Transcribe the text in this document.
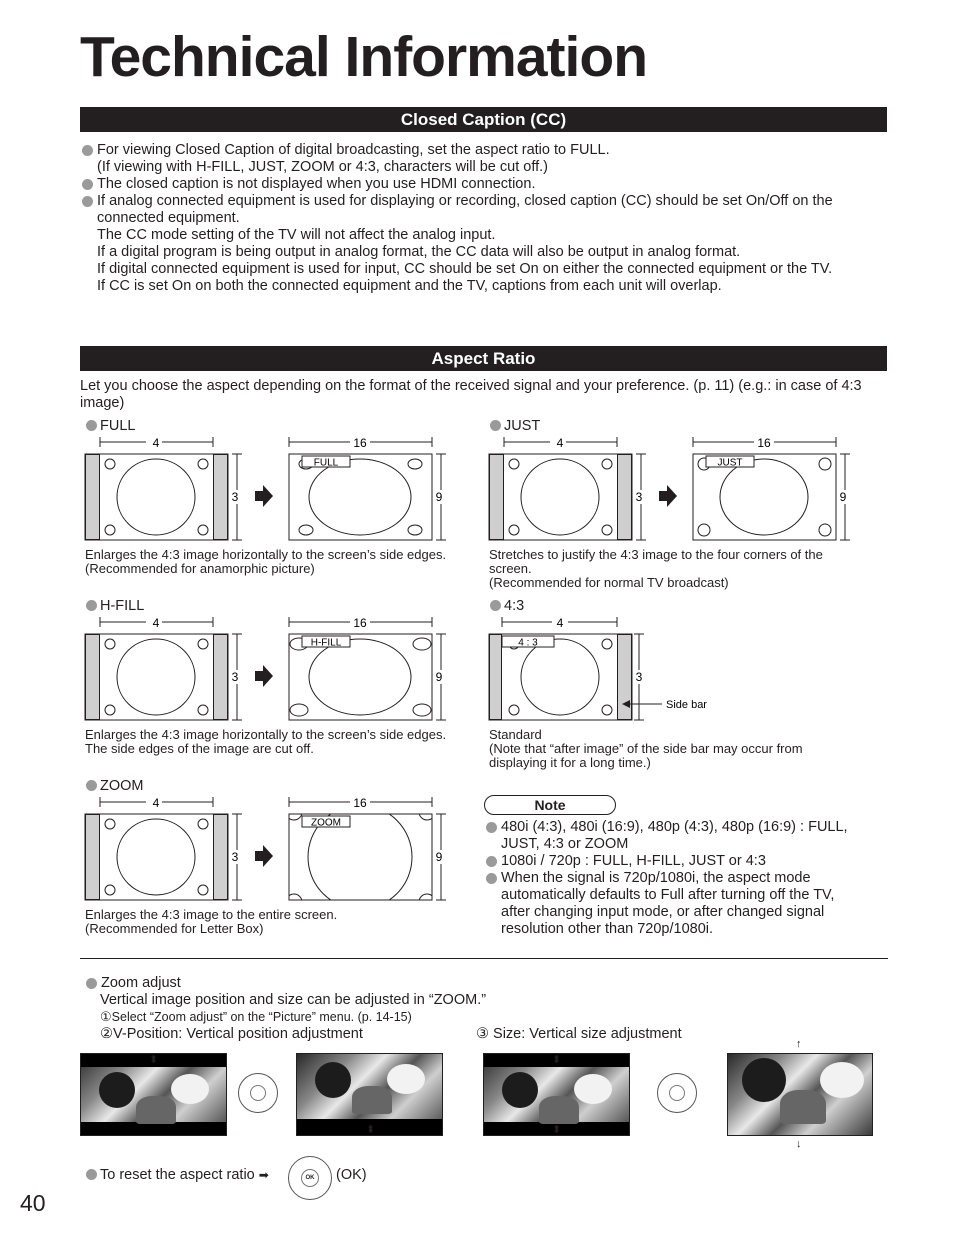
Technical Information
Closed Caption (CC)
For viewing Closed Caption of digital broadcasting, set the aspect ratio to FULL.
(If viewing with H-FILL, JUST, ZOOM or 4:3, characters will be cut off.)
The closed caption is not displayed when you use HDMI connection.
If analog connected equipment is used for displaying or recording, closed caption (CC) should be set On/Off on the connected equipment.
The CC mode setting of the TV will not affect the analog input.
If a digital program is being output in analog format, the CC data will also be output in analog format.
If digital connected equipment is used for input, CC should be set On on either the connected equipment or the TV.
If CC is set On on both the connected equipment and the TV, captions from each unit will overlap.
Aspect Ratio
Let you choose the aspect depending on the format of the received signal and your preference. (p. 11) (e.g.: in case of 4:3 image)
FULL
4
3
16
FULL
9
Enlarges the 4:3 image horizontally to the screen’s side edges.
(Recommended for anamorphic picture)
JUST
4
3
16
JUST
9
Stretches to justify the 4:3 image to the four corners of the
screen.
(Recommended for normal TV broadcast)
H-FILL
4
3
16
H-FILL
9
Enlarges the 4:3 image horizontally to the screen’s side edges.
The side edges of the image are cut off.
4:3
4
4 : 3
3
Side bar
Standard
(Note that “after image” of the side bar may occur from
displaying it for a long time.)
ZOOM
4
3
16
ZOOM
9
Enlarges the 4:3 image to the entire screen.
(Recommended for Letter Box)
Note
480i (4:3), 480i (16:9), 480p (4:3), 480p (16:9) : FULL,
JUST, 4:3 or ZOOM
1080i / 720p : FULL, H-FILL, JUST or 4:3
When the signal is 720p/1080i, the aspect mode
automatically defaults to Full after turning off the TV,
after changing input mode, or after changed signal
resolution other than 720p/1080i.
Zoom adjust
Vertical image position and size can be adjusted in “ZOOM.”
①Select “Zoom adjust” on the “Picture” menu. (p. 14-15)
②V-Position: Vertical position adjustment	③ Size: Vertical size adjustment
⬍
⬍
⬍
⬍
↑
↓
To reset the aspect ratio ➡	OK	(OK)
40
